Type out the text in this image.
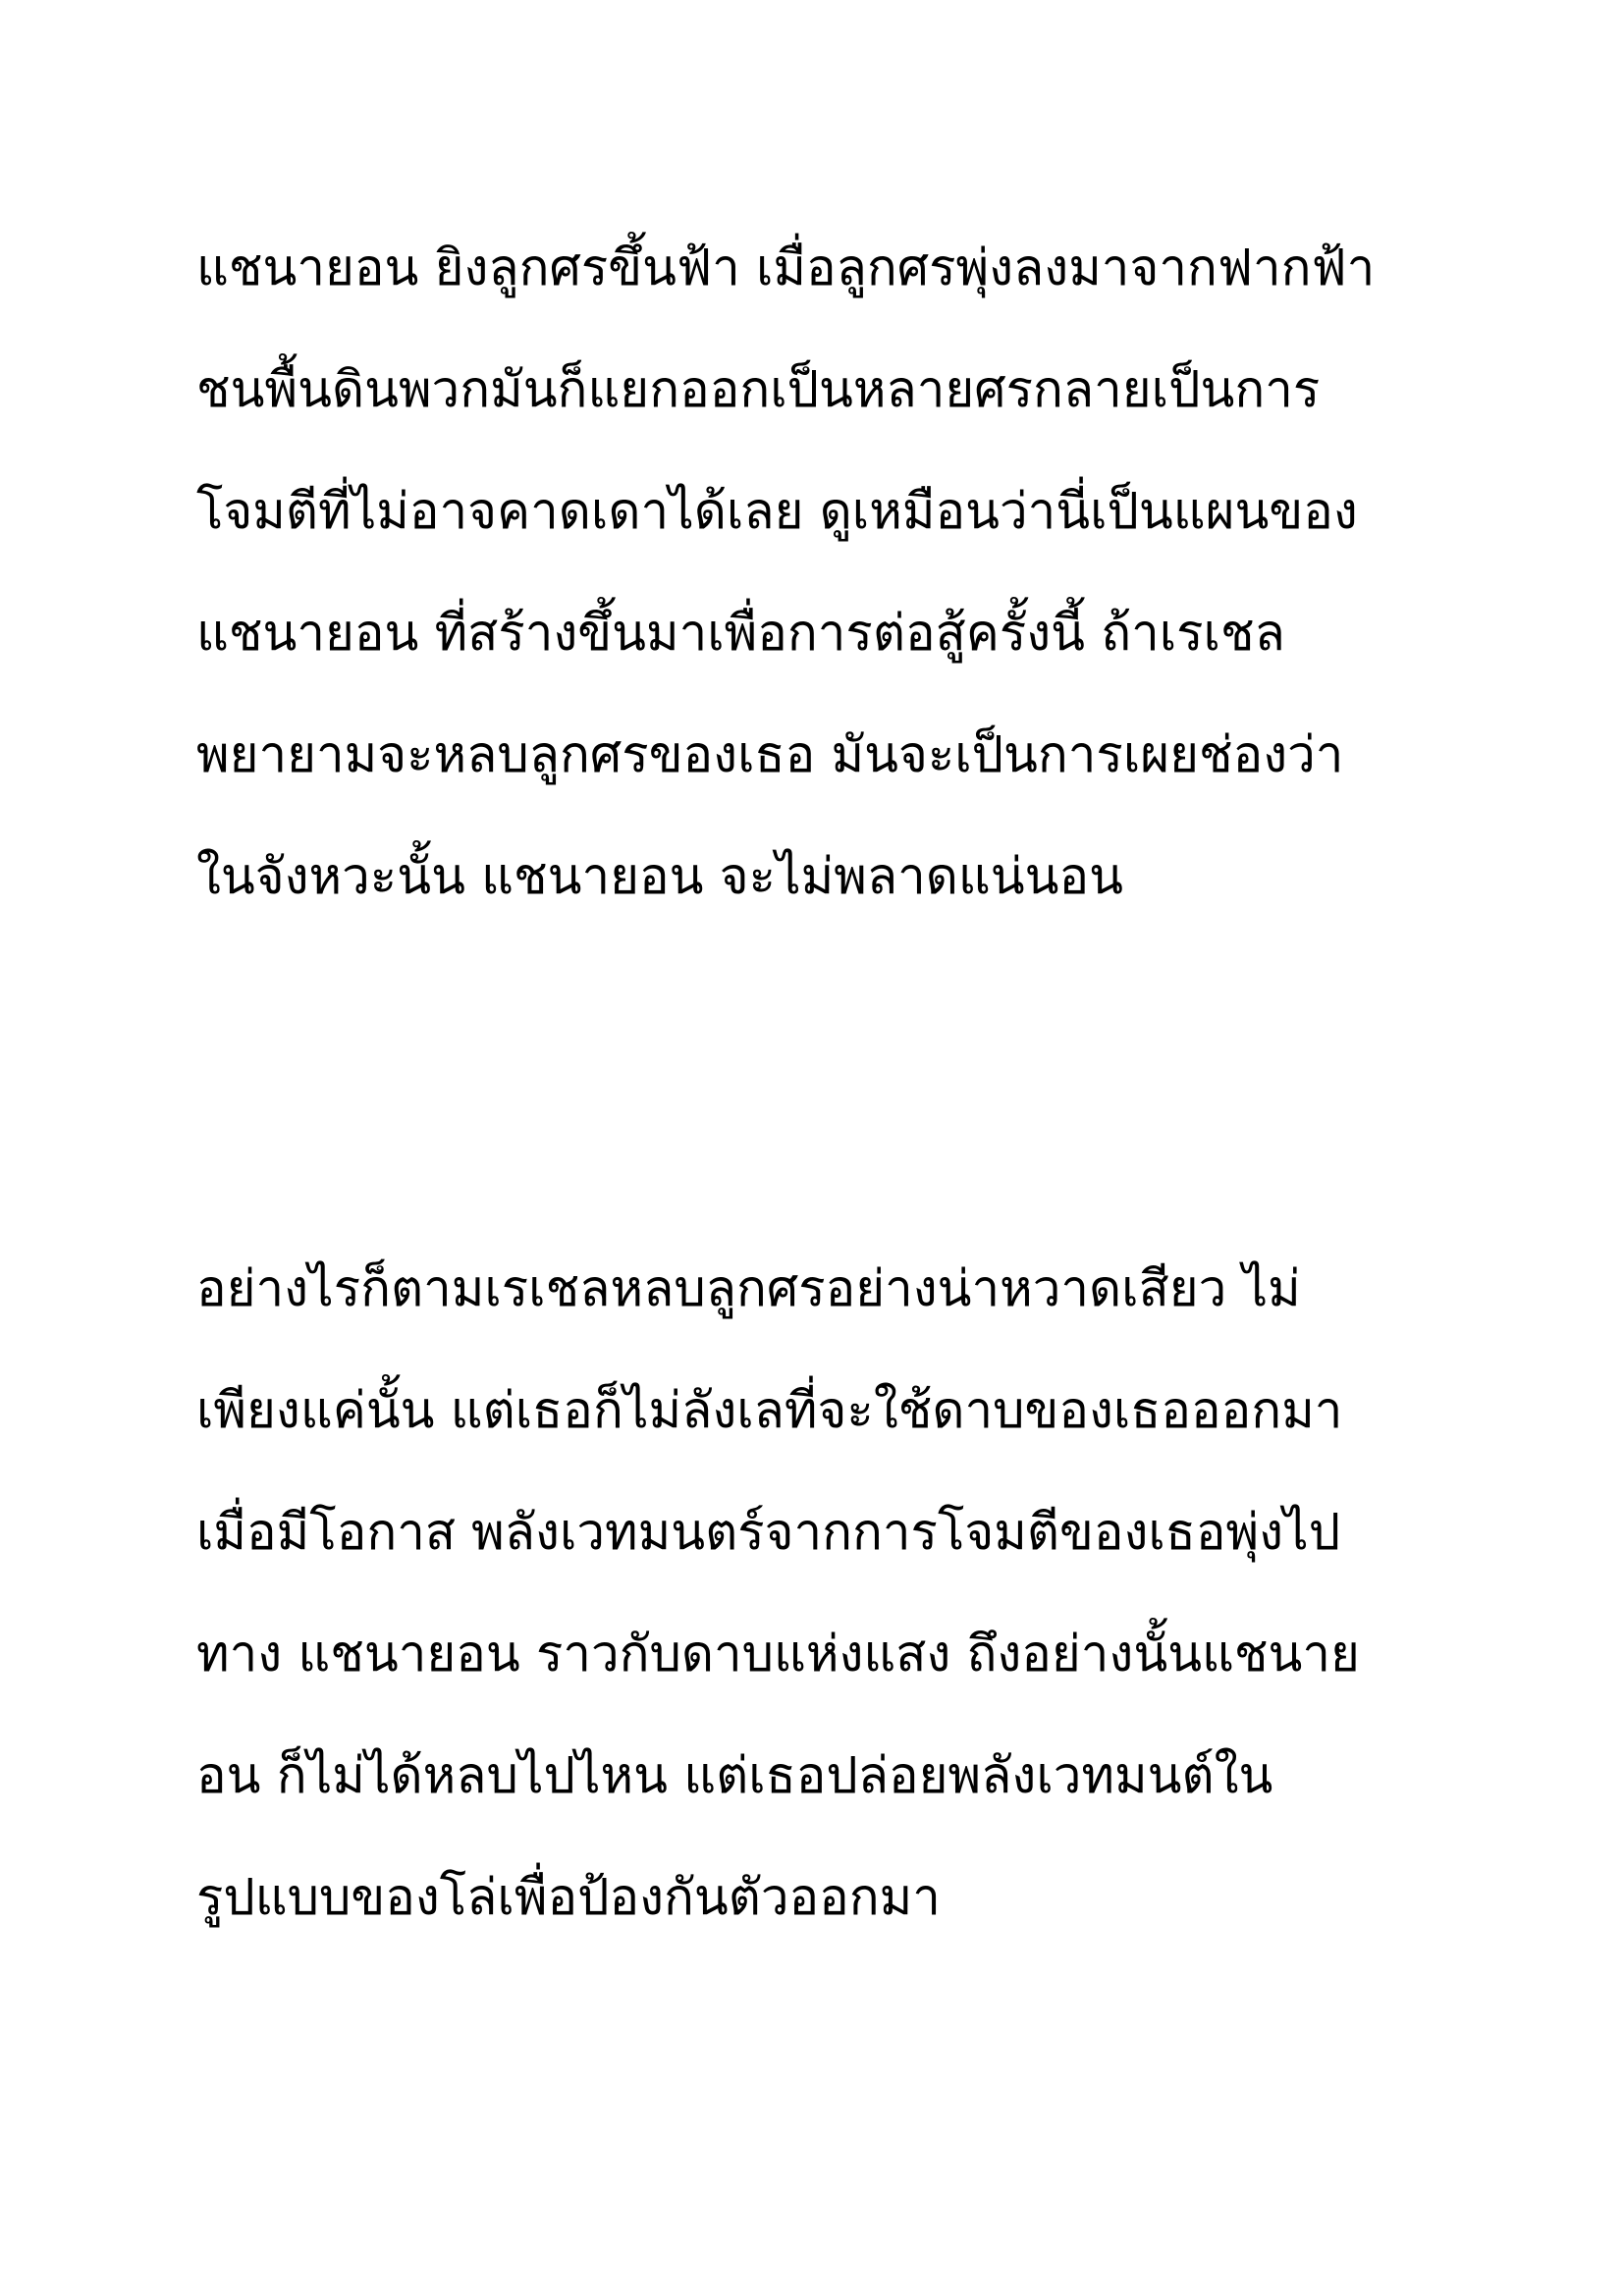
แชนายอน ยิงลูกศรขึ้นฟ้า เมื่อลูกศรพุ่งลงมาจากฟากฟ้า
ชนพื้นดินพวกมันก็แยกออกเป็นหลายศรกลายเป็นการ
โจมตีที่ไม่อาจคาดเดาได้เลย ดูเหมือนว่านี่เป็นแผนของ
แชนายอน ที่สร้างขึ้นมาเพื่อการต่อสู้ครั้งนี้ ถ้าเรเชล
พยายามจะหลบลูกศรของเธอ มันจะเป็นการเผยช่องว่า
ในจังหวะนั้น แชนายอน จะไม่พลาดแน่นอน
อย่างไรก็ตามเรเชลหลบลูกศรอย่างน่าหวาดเสียว ไม่
เพียงแค่นั้น แต่เธอก็ไม่ลังเลที่จะใช้ดาบของเธอออกมา
เมื่อมีโอกาส พลังเวทมนตร์จากการโจมตีของเธอพุ่งไป
ทาง แชนายอน ราวกับดาบแห่งแสง ถึงอย่างนั้นแชนาย
อน ก็ไม่ได้หลบไปไหน แต่เธอปล่อยพลังเวทมนต์ใน
รูปแบบของโล่เพื่อป้องกันตัวออกมา
